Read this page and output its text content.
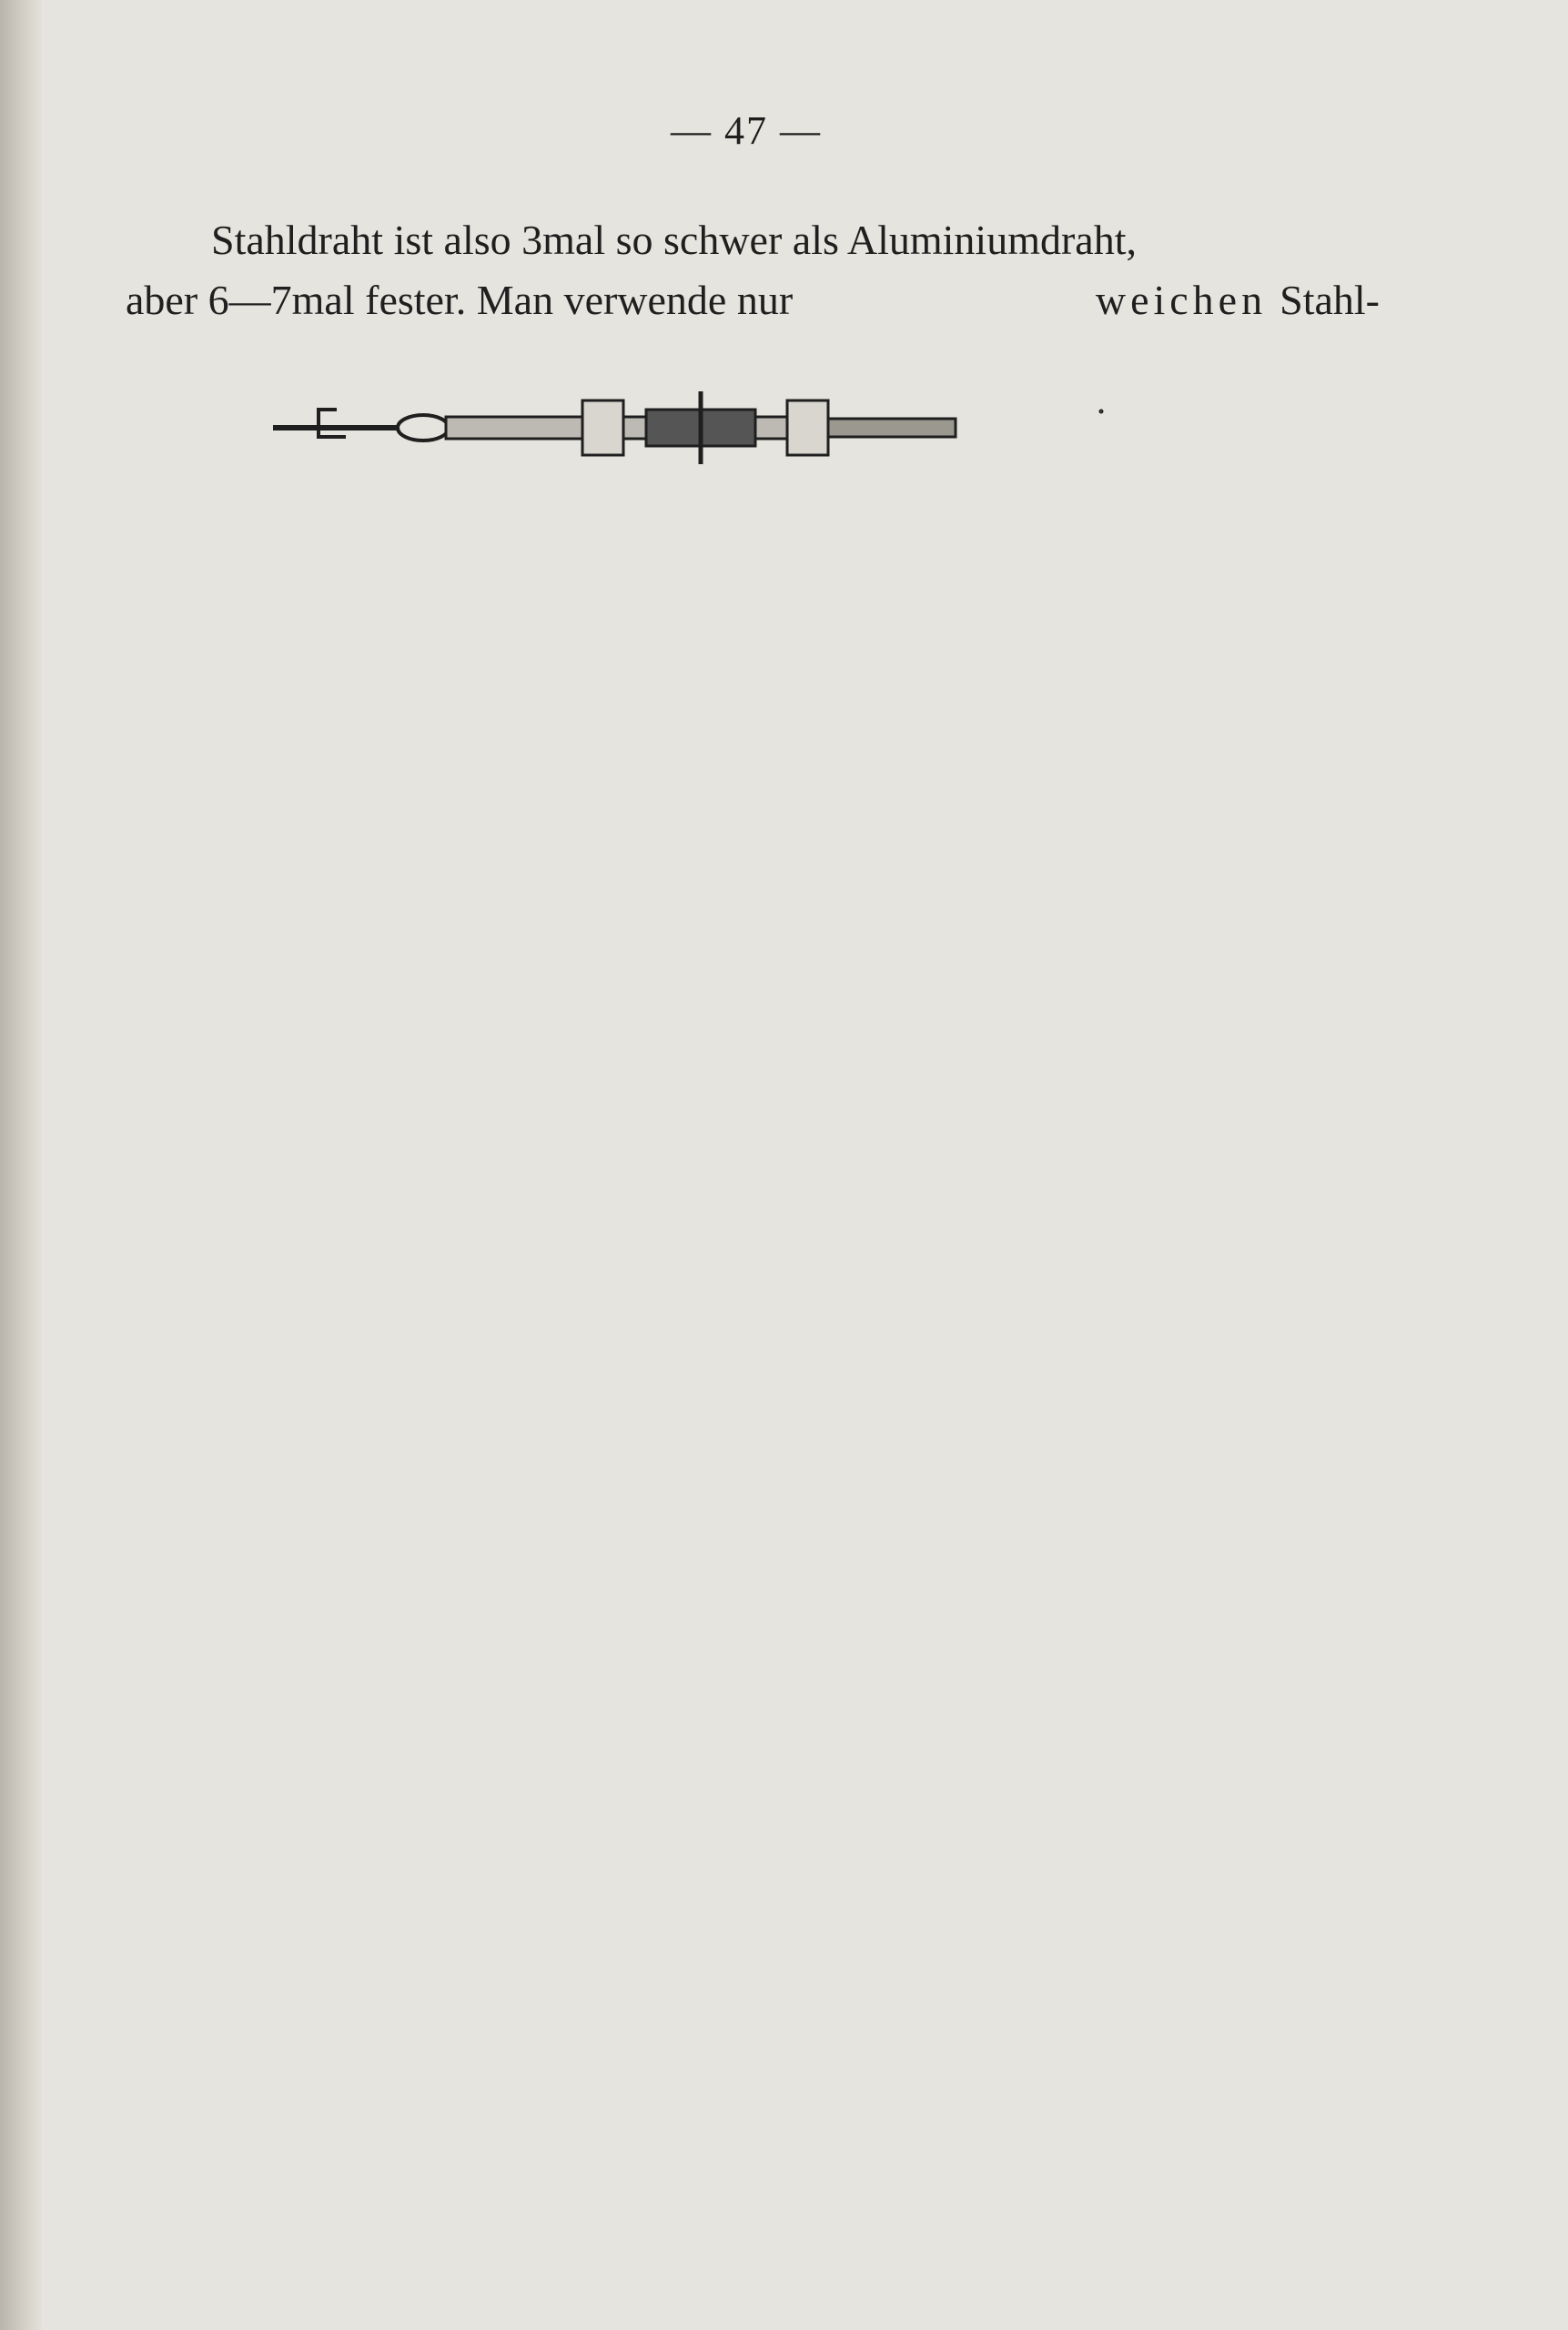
— 47 —
Stahldraht ist also 3mal so schwer als Aluminiumdraht,
aber 6—7mal fester. Man verwende nur	weichen Stahl-
